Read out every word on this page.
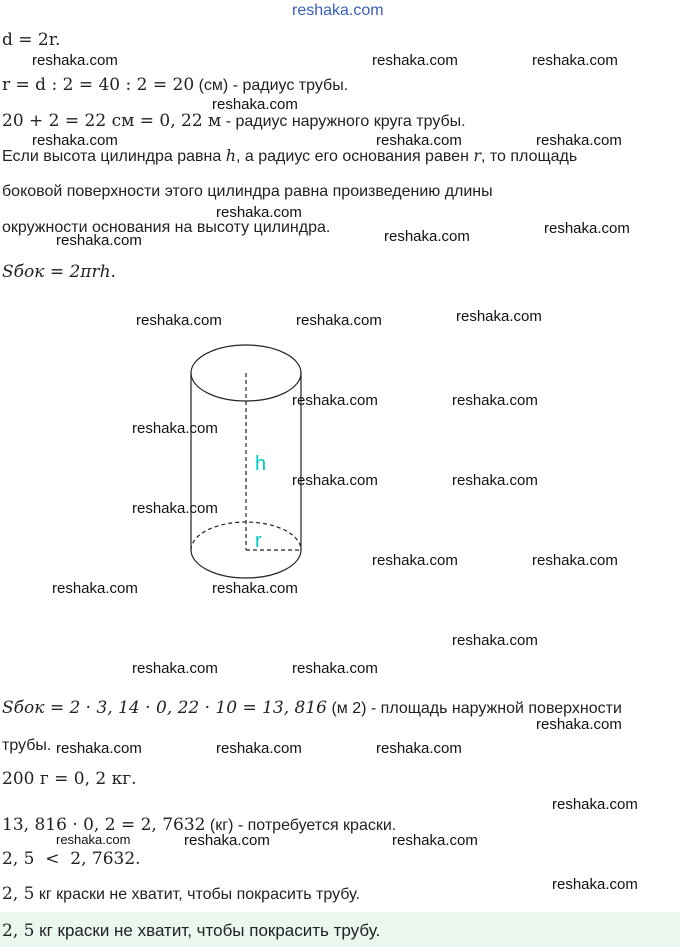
reshaka.com
d = 2r.
r = d : 2 = 40 : 2 = 20 (см) - радиус трубы.
20 + 2 = 22 см = 0, 22 м - радиус наружного круга трубы.
Если высота цилиндра равна h, а радиус его основания равен r, то площадь
боковой поверхности этого цилиндра равна произведению длины
окружности основания на высоту цилиндра.
Sбок = 2πrh.
h
r
Sбок = 2 · 3, 14 · 0, 22 · 10 = 13, 816 (м 2) - площадь наружной поверхности
трубы.
200 г = 0, 2 кг.
13, 816 · 0, 2 = 2, 7632 (кг) - потребуется краски.
2, 5  <  2, 7632.
2, 5 кг краски не хватит, чтобы покрасить трубу.
2, 5 кг краски не хватит, чтобы покрасить трубу.
reshaka.com	reshaka.com	reshaka.com
reshaka.com
reshaka.com	reshaka.com	reshaka.com
reshaka.com
reshaka.com	reshaka.com	reshaka.com
reshaka.com	reshaka.com	reshaka.com
reshaka.com	reshaka.com
reshaka.com
reshaka.com	reshaka.com
reshaka.com
reshaka.com	reshaka.com
reshaka.com	reshaka.com
reshaka.com
reshaka.com	reshaka.com
reshaka.com
reshaka.com	reshaka.com	reshaka.com
reshaka.com
reshaka.com	reshaka.com	reshaka.com
reshaka.com
